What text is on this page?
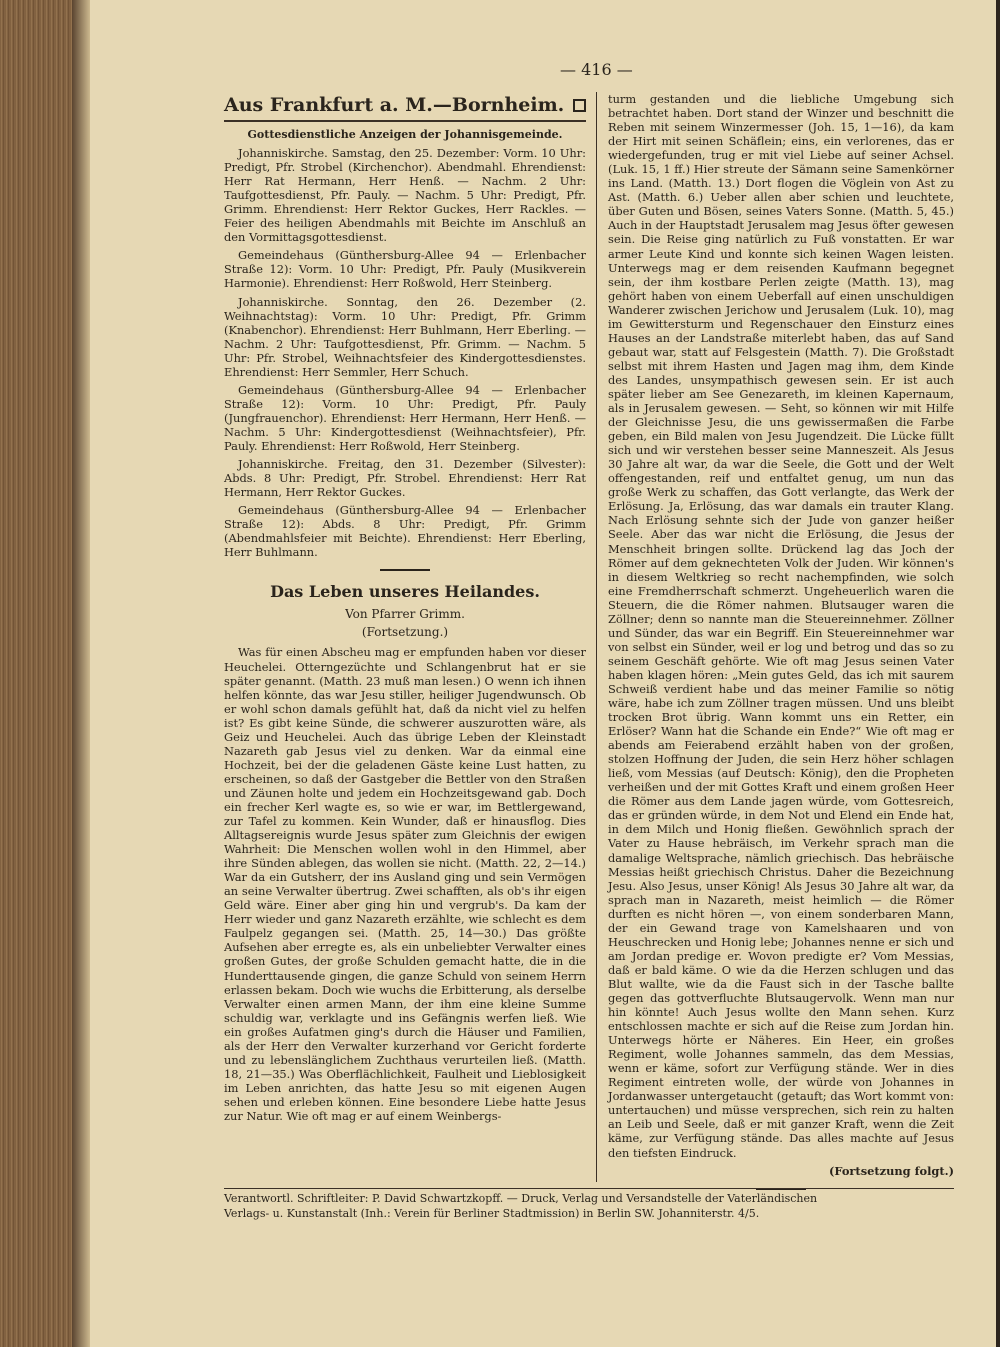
— 416 —
Aus Frankfurt a. M.—Bornheim.
Gottesdienstliche Anzeigen der Johannisgemeinde.

Johanniskirche. Samstag, den 25. Dezember: Vorm. 10 Uhr: Predigt, Pfr. Strobel (Kirchenchor). Abendmahl. Ehrendienst: Herr Rat Hermann, Herr Henß. — Nachm. 2 Uhr: Taufgottesdienst, Pfr. Pauly. — Nachm. 5 Uhr: Predigt, Pfr. Grimm. Ehrendienst: Herr Rektor Guckes, Herr Rackles. — Feier des heiligen Abendmahls mit Beichte im Anschluß an den Vormittagsgottesdienst.

Gemeindehaus (Günthersburg-Allee 94 — Erlenbacher Straße 12): Vorm. 10 Uhr: Predigt, Pfr. Pauly (Musikverein Harmonie). Ehrendienst: Herr Roßwold, Herr Steinberg.

Johanniskirche. Sonntag, den 26. Dezember (2. Weihnachtstag): Vorm. 10 Uhr: Predigt, Pfr. Grimm (Knabenchor). Ehrendienst: Herr Buhlmann, Herr Eberling. — Nachm. 2 Uhr: Taufgottesdienst, Pfr. Grimm. — Nachm. 5 Uhr: Pfr. Strobel, Weihnachtsfeier des Kindergottesdienstes. Ehrendienst: Herr Semmler, Herr Schuch.

Gemeindehaus (Günthersburg-Allee 94 — Erlenbacher Straße 12): Vorm. 10 Uhr: Predigt, Pfr. Pauly (Jungfrauenchor). Ehrendienst: Herr Hermann, Herr Henß. — Nachm. 5 Uhr: Kindergottesdienst (Weihnachtsfeier), Pfr. Pauly. Ehrendienst: Herr Roßwold, Herr Steinberg.

Johanniskirche. Freitag, den 31. Dezember (Silvester): Abds. 8 Uhr: Predigt, Pfr. Strobel. Ehrendienst: Herr Rat Hermann, Herr Rektor Guckes.

Gemeindehaus (Günthersburg-Allee 94 — Erlenbacher Straße 12): Abds. 8 Uhr: Predigt, Pfr. Grimm (Abendmahlsfeier mit Beichte). Ehrendienst: Herr Eberling, Herr Buhlmann.

Das Leben unseres Heilandes.
Von Pfarrer Grimm.
(Fortsetzung.)

Was für einen Abscheu mag er empfunden haben vor dieser Heuchelei. Otterngezüchte und Schlangenbrut hat er sie später genannt. (Matth. 23 muß man lesen.) O wenn ich ihnen helfen könnte, das war Jesu stiller, heiliger Jugendwunsch. Ob er wohl schon damals gefühlt hat, daß da nicht viel zu helfen ist? Es gibt keine Sünde, die schwerer auszurotten wäre, als Geiz und Heuchelei. Auch das übrige Leben der Kleinstadt Nazareth gab Jesus viel zu denken. War da einmal eine Hochzeit, bei der die geladenen Gäste keine Lust hatten, zu erscheinen, so daß der Gastgeber die Bettler von den Straßen und Zäunen holte und jedem ein Hochzeitsgewand gab. Doch ein frecher Kerl wagte es, so wie er war, im Bettlergewand, zur Tafel zu kommen. Kein Wunder, daß er hinausflog. Dies Alltagsereignis wurde Jesus später zum Gleichnis der ewigen Wahrheit: Die Menschen wollen wohl in den Himmel, aber ihre Sünden ablegen, das wollen sie nicht. (Matth. 22, 2—14.) War da ein Gutsherr, der ins Ausland ging und sein Vermögen an seine Verwalter übertrug. Zwei schafften, als ob's ihr eigen Geld wäre. Einer aber ging hin und vergrub's. Da kam der Herr wieder und ganz Nazareth erzählte, wie schlecht es dem Faulpelz gegangen sei. (Matth. 25, 14—30.) Das größte Aufsehen aber erregte es, als ein unbeliebter Verwalter eines großen Gutes, der große Schulden gemacht hatte, die in die Hunderttausende gingen, die ganze Schuld von seinem Herrn erlassen bekam. Doch wie wuchs die Erbitterung, als derselbe Verwalter einen armen Mann, der ihm eine kleine Summe schuldig war, verklagte und ins Gefängnis werfen ließ. Wie ein großes Aufatmen ging's durch die Häuser und Familien, als der Herr den Verwalter kurzerhand vor Gericht forderte und zu lebenslänglichem Zuchthaus verurteilen ließ. (Matth. 18, 21—35.) Was Oberflächlichkeit, Faulheit und Lieblosigkeit im Leben anrichten, das hatte Jesu so mit eigenen Augen sehen und erleben können. Eine besondere Liebe hatte Jesus zur Natur. Wie oft mag er auf einem Weinbergs-

turm gestanden und die liebliche Umgebung sich betrachtet haben. Dort stand der Winzer und beschnitt die Reben mit seinem Winzermesser (Joh. 15, 1—16), da kam der Hirt mit seinen Schäflein; eins, ein verlorenes, das er wiedergefunden, trug er mit viel Liebe auf seiner Achsel. (Luk. 15, 1 ff.) Hier streute der Sämann seine Samenkörner ins Land. (Matth. 13.) Dort flogen die Vöglein von Ast zu Ast. (Matth. 6.) Ueber allen aber schien und leuchtete, über Guten und Bösen, seines Vaters Sonne. (Matth. 5, 45.) Auch in der Hauptstadt Jerusalem mag Jesus öfter gewesen sein. Die Reise ging natürlich zu Fuß vonstatten. Er war armer Leute Kind und konnte sich keinen Wagen leisten. Unterwegs mag er dem reisenden Kaufmann begegnet sein, der ihm kostbare Perlen zeigte (Matth. 13), mag gehört haben von einem Ueberfall auf einen unschuldigen Wanderer zwischen Jerichow und Jerusalem (Luk. 10), mag im Gewittersturm und Regenschauer den Einsturz eines Hauses an der Landstraße miterlebt haben, das auf Sand gebaut war, statt auf Felsgestein (Matth. 7). Die Großstadt selbst mit ihrem Hasten und Jagen mag ihm, dem Kinde des Landes, unsympathisch gewesen sein. Er ist auch später lieber am See Genezareth, im kleinen Kapernaum, als in Jerusalem gewesen. — Seht, so können wir mit Hilfe der Gleichnisse Jesu, die uns gewissermaßen die Farbe geben, ein Bild malen von Jesu Jugendzeit. Die Lücke füllt sich und wir verstehen besser seine Manneszeit. Als Jesus 30 Jahre alt war, da war die Seele, die Gott und der Welt offengestanden, reif und entfaltet genug, um nun das große Werk zu schaffen, das Gott verlangte, das Werk der Erlösung. Ja, Erlösung, das war damals ein trauter Klang. Nach Erlösung sehnte sich der Jude von ganzer heißer Seele. Aber das war nicht die Erlösung, die Jesus der Menschheit bringen sollte. Drückend lag das Joch der Römer auf dem geknechteten Volk der Juden. Wir können's in diesem Weltkrieg so recht nachempfinden, wie solch eine Fremdherrschaft schmerzt. Ungeheuerlich waren die Steuern, die die Römer nahmen. Blutsauger waren die Zöllner; denn so nannte man die Steuereinnehmer. Zöllner und Sünder, das war ein Begriff. Ein Steuereinnehmer war von selbst ein Sünder, weil er log und betrog und das so zu seinem Geschäft gehörte. Wie oft mag Jesus seinen Vater haben klagen hören: „Mein gutes Geld, das ich mit saurem Schweiß verdient habe und das meiner Familie so nötig wäre, habe ich zum Zöllner tragen müssen. Und uns bleibt trocken Brot übrig. Wann kommt uns ein Retter, ein Erlöser? Wann hat die Schande ein Ende?“ Wie oft mag er abends am Feierabend erzählt haben von der großen, stolzen Hoffnung der Juden, die sein Herz höher schlagen ließ, vom Messias (auf Deutsch: König), den die Propheten verheißen und der mit Gottes Kraft und einem großen Heer die Römer aus dem Lande jagen würde, vom Gottesreich, das er gründen würde, in dem Not und Elend ein Ende hat, in dem Milch und Honig fließen. Gewöhnlich sprach der Vater zu Hause hebräisch, im Verkehr sprach man die damalige Weltsprache, nämlich griechisch. Das hebräische Messias heißt griechisch Christus. Daher die Bezeichnung Jesu. Also Jesus, unser König! Als Jesus 30 Jahre alt war, da sprach man in Nazareth, meist heimlich — die Römer durften es nicht hören —, von einem sonderbaren Mann, der ein Gewand trage von Kamelshaaren und von Heuschrecken und Honig lebe; Johannes nenne er sich und am Jordan predige er. Wovon predigte er? Vom Messias, daß er bald käme. O wie da die Herzen schlugen und das Blut wallte, wie da die Faust sich in der Tasche ballte gegen das gottverfluchte Blutsaugervolk. Wenn man nur hin könnte! Auch Jesus wollte den Mann sehen. Kurz entschlossen machte er sich auf die Reise zum Jordan hin. Unterwegs hörte er Näheres. Ein Heer, ein großes Regiment, wolle Johannes sammeln, das dem Messias, wenn er käme, sofort zur Verfügung stände. Wer in dies Regiment eintreten wolle, der würde von Johannes in Jordanwasser untergetaucht (getauft; das Wort kommt von: untertauchen) und müsse versprechen, sich rein zu halten an Leib und Seele, daß er mit ganzer Kraft, wenn die Zeit käme, zur Verfügung stände. Das alles machte auf Jesus den tiefsten Eindruck.

(Fortsetzung folgt.)
Verantwortl. Schriftleiter: P. David Schwartzkopff. — Druck, Verlag und Versandstelle der Vaterländischen
Verlags- u. Kunstanstalt (Inh.: Verein für Berliner Stadtmission) in Berlin SW. Johanniterstr. 4/5.
